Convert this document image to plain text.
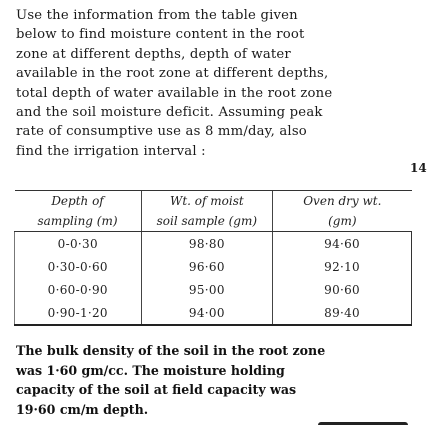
Use the information from the table given
below to find moisture content in the root
zone at different depths, depth of water
available in the root zone at different depths,
total depth of water available in the root zone
and the soil moisture deficit. Assuming peak
rate of consumptive use as 8 mm/day, also
find the irrigation interval :
14
Depth of	Wt. of moist	Oven dry wt.
sampling (m)	soil sample (gm)	(gm)
0-0·30	98·80	94·60
0·30-0·60	96·60	92·10
0·60-0·90	95·00	90·60
0·90-1·20	94·00	89·40
The bulk density of the soil in the root zone
was 1·60 gm/cc. The moisture holding
capacity of the soil at field capacity was
19·60 cm/m depth.
